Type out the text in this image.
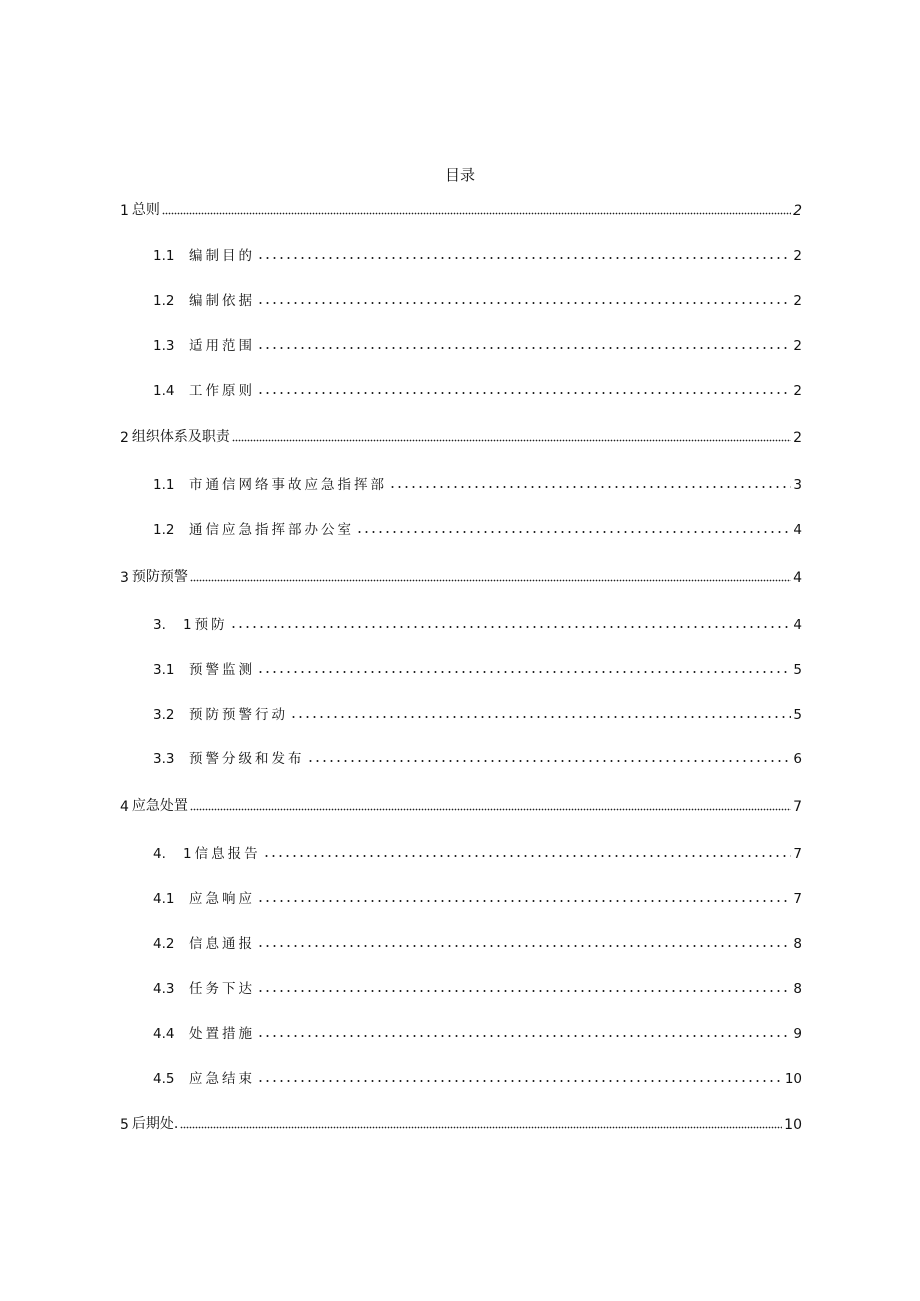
目录
1 总则	2
1.1	编制目的	2
1.2	编制依据	2
1.3	适用范围	2
1.4	工作原则	2
2 组织体系及职责	2
1.1	市通信网络事故应急指挥部	3
1.2	通信应急指挥部办公室	4
3 预防预警	4
3.	1预防	4
3.1	预警监测	5
3.2	预防预警行动	5
3.3	预警分级和发布	6
4 应急处置	7
4.	1信息报告	7
4.1	应急响应	7
4.2	信息通报	8
4.3	任务下达	8
4.4	处置措施	9
4.5	应急结束	10
5 后期处.	10
